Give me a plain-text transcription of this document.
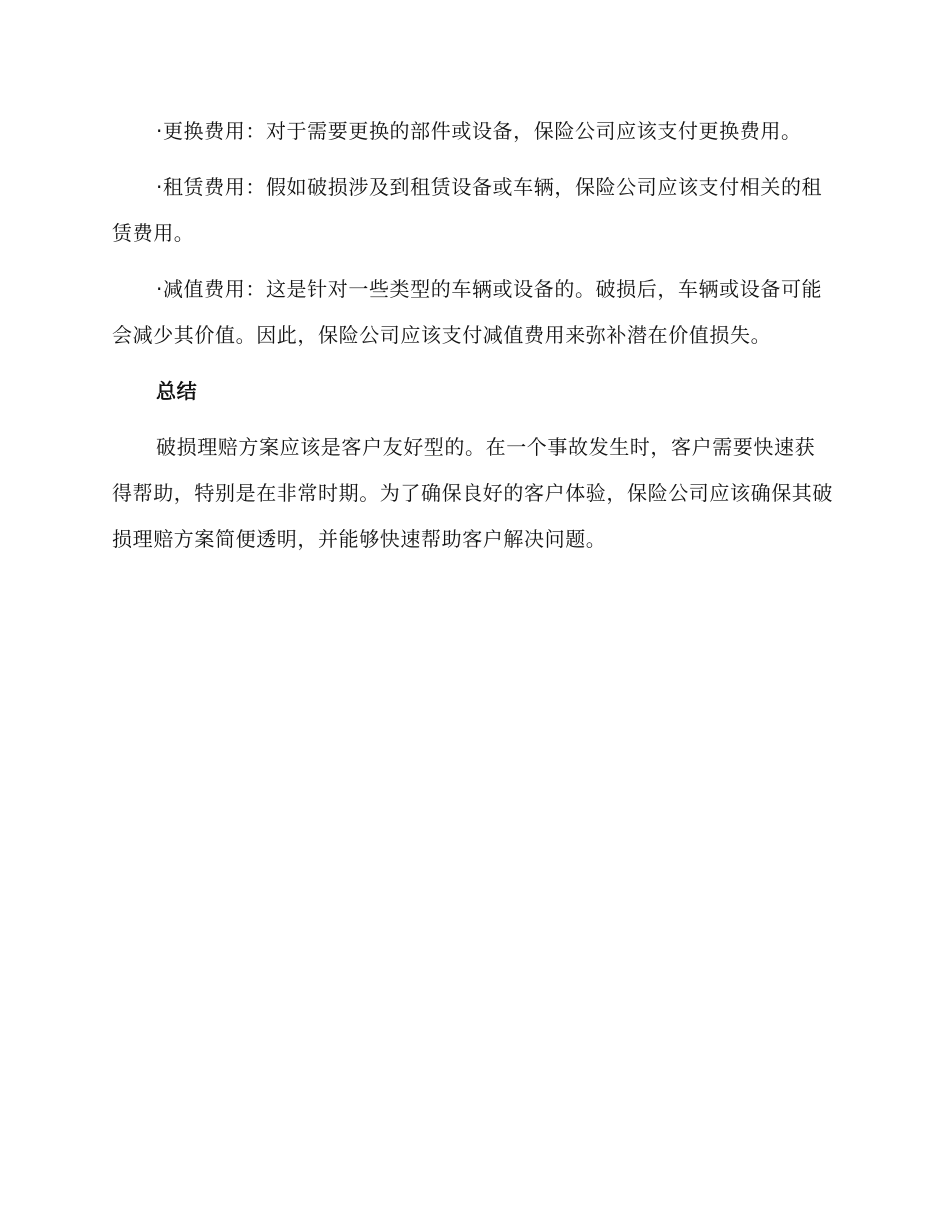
·更换费用：对于需要更换的部件或设备，保险公司应该支付更换费用。

·租赁费用：假如破损涉及到租赁设备或车辆，保险公司应该支付相关的租赁费用。

·减值费用：这是针对一些类型的车辆或设备的。破损后，车辆或设备可能会减少其价值。因此，保险公司应该支付减值费用来弥补潜在价值损失。

总结

破损理赔方案应该是客户友好型的。在一个事故发生时，客户需要快速获得帮助，特别是在非常时期。为了确保良好的客户体验，保险公司应该确保其破损理赔方案简便透明，并能够快速帮助客户解决问题。
